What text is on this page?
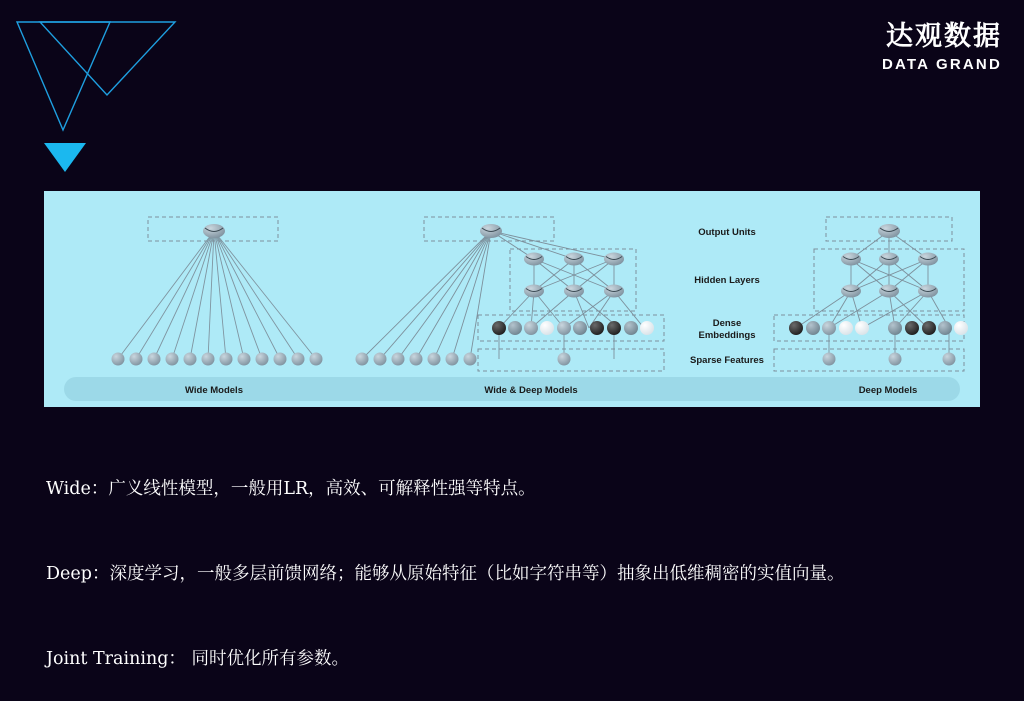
达观数据
DATA GRAND
Output Units
Hidden Layers
Dense
Embeddings
Sparse Features
Wide Models	Wide & Deep Models	Deep Models

Wide：广义线性模型，一般用LR，高效、可解释性强等特点。

Deep：深度学习，一般多层前馈网络；能够从原始特征（比如字符串等）抽象出低维稠密的实值向量。

Joint Training： 同时优化所有参数。
